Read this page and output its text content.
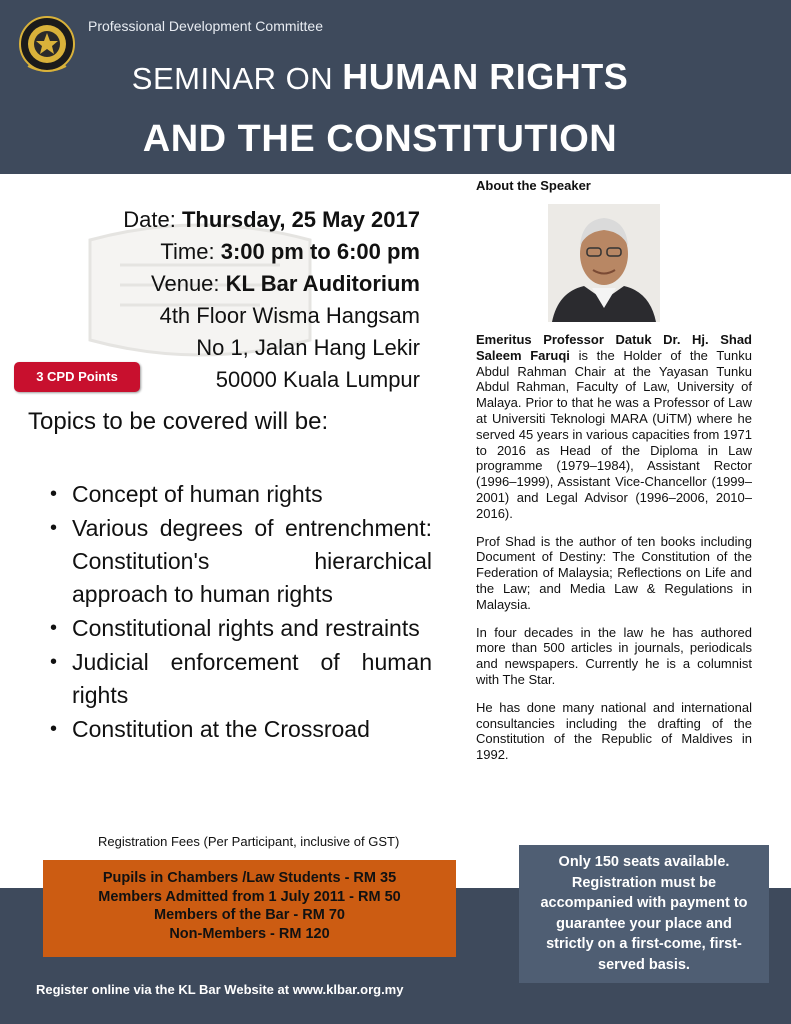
Professional Development Committee
SEMINAR ON HUMAN RIGHTS
AND THE CONSTITUTION
Date: Thursday, 25 May 2017
Time: 3:00 pm to 6:00 pm
Venue: KL Bar Auditorium
4th Floor Wisma Hangsam
No 1, Jalan Hang Lekir
50000 Kuala Lumpur
3 CPD Points
Topics to be covered will be:
• Concept of human rights
• Various degrees of entrenchment: Constitution's hierarchical approach to human rights
• Constitutional rights and restraints
• Judicial enforcement of human rights
• Constitution at the Crossroad
About the Speaker

Emeritus Professor Datuk Dr. Hj. Shad Saleem Faruqi is the Holder of the Tunku Abdul Rahman Chair at the Yayasan Tunku Abdul Rahman, Faculty of Law, University of Malaya. Prior to that he was a Professor of Law at Universiti Teknologi MARA (UiTM) where he served 45 years in various capacities from 1971 to 2016 as Head of the Diploma in Law programme (1979–1984), Assistant Rector (1996–1999), Assistant Vice-Chancellor (1999–2001) and Legal Advisor (1996–2006, 2010–2016).

Prof Shad is the author of ten books including Document of Destiny: The Constitution of the Federation of Malaysia; Reflections on Life and the Law; and Media Law & Regulations in Malaysia.

In four decades in the law he has authored more than 500 articles in journals, periodicals and newspapers. Currently he is a columnist with The Star.

He has done many national and international consultancies including the drafting of the Constitution of the Republic of Maldives in 1992.

Registration Fees (Per Participant, inclusive of GST)
Pupils in Chambers /Law Students - RM 35
Members Admitted from 1 July 2011 - RM 50
Members of the Bar - RM 70
Non-Members - RM 120
Only 150 seats available. Registration must be accompanied with payment to guarantee your place and strictly on a first-come, first-served basis.
Register online via the KL Bar Website at www.klbar.org.my
